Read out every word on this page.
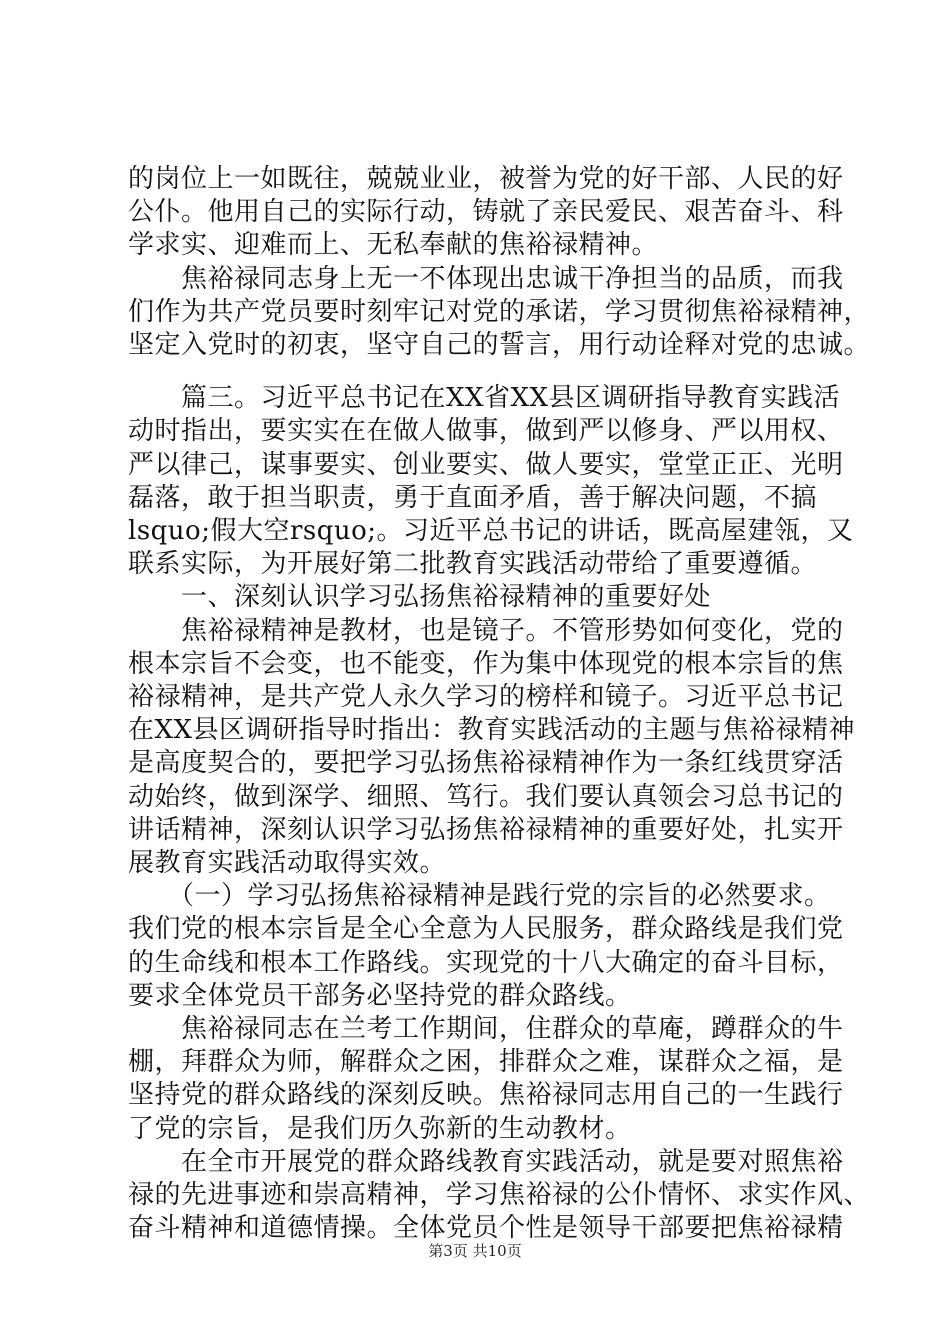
的岗位上一如既往，兢兢业业，被誉为党的好干部、人民的好
公仆。他用自己的实际行动，铸就了亲民爱民、艰苦奋斗、科
学求实、迎难而上、无私奉献的焦裕禄精神。
　　焦裕禄同志身上无一不体现出忠诚干净担当的品质，而我
们作为共产党员要时刻牢记对党的承诺，学习贯彻焦裕禄精神，
坚定入党时的初衷，坚守自己的誓言，用行动诠释对党的忠诚。
　　篇三。习近平总书记在XX省XX县区调研指导教育实践活
动时指出，要实实在在做人做事，做到严以修身、严以用权、
严以律己，谋事要实、创业要实、做人要实，堂堂正正、光明
磊落，敢于担当职责，勇于直面矛盾，善于解决问题，不搞
lsquo;假大空rsquo;。习近平总书记的讲话，既高屋建瓴，又
联系实际，为开展好第二批教育实践活动带给了重要遵循。
　　一、深刻认识学习弘扬焦裕禄精神的重要好处
　　焦裕禄精神是教材，也是镜子。不管形势如何变化，党的
根本宗旨不会变，也不能变，作为集中体现党的根本宗旨的焦
裕禄精神，是共产党人永久学习的榜样和镜子。习近平总书记
在XX县区调研指导时指出：教育实践活动的主题与焦裕禄精神
是高度契合的，要把学习弘扬焦裕禄精神作为一条红线贯穿活
动始终，做到深学、细照、笃行。我们要认真领会习总书记的
讲话精神，深刻认识学习弘扬焦裕禄精神的重要好处，扎实开
展教育实践活动取得实效。
　　（一）学习弘扬焦裕禄精神是践行党的宗旨的必然要求。
我们党的根本宗旨是全心全意为人民服务，群众路线是我们党
的生命线和根本工作路线。实现党的十八大确定的奋斗目标，
要求全体党员干部务必坚持党的群众路线。
　　焦裕禄同志在兰考工作期间，住群众的草庵，蹲群众的牛
棚，拜群众为师，解群众之困，排群众之难，谋群众之福，是
坚持党的群众路线的深刻反映。焦裕禄同志用自己的一生践行
了党的宗旨，是我们历久弥新的生动教材。
　　在全市开展党的群众路线教育实践活动，就是要对照焦裕
禄的先进事迹和崇高精神，学习焦裕禄的公仆情怀、求实作风、
奋斗精神和道德情操。全体党员个性是领导干部要把焦裕禄精
第3页 共10页
